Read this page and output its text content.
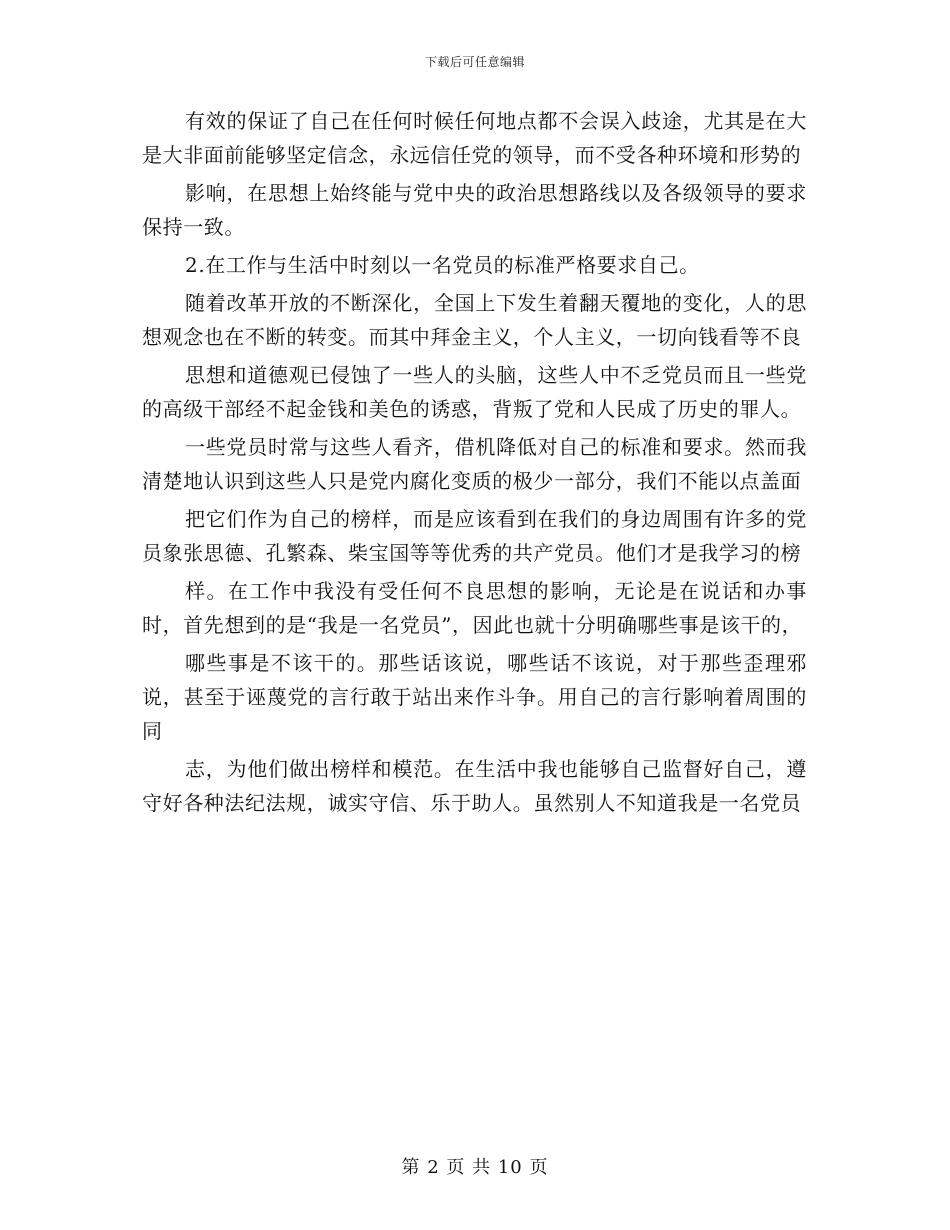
下载后可任意编辑

有效的保证了自己在任何时候任何地点都不会误入歧途，尤其是在大是大非面前能够坚定信念，永远信任党的领导，而不受各种环境和形势的

影响，在思想上始终能与党中央的政治思想路线以及各级领导的要求保持一致。

2.在工作与生活中时刻以一名党员的标准严格要求自己。

随着改革开放的不断深化，全国上下发生着翻天覆地的变化，人的思想观念也在不断的转变。而其中拜金主义，个人主义，一切向钱看等不良

思想和道德观已侵蚀了一些人的头脑，这些人中不乏党员而且一些党的高级干部经不起金钱和美色的诱惑，背叛了党和人民成了历史的罪人。

一些党员时常与这些人看齐，借机降低对自己的标准和要求。然而我清楚地认识到这些人只是党内腐化变质的极少一部分，我们不能以点盖面

把它们作为自己的榜样，而是应该看到在我们的身边周围有许多的党员象张思德、孔繁森、柴宝国等等优秀的共产党员。他们才是我学习的榜

样。在工作中我没有受任何不良思想的影响，无论是在说话和办事时，首先想到的是“我是一名党员”，因此也就十分明确哪些事是该干的，

哪些事是不该干的。那些话该说，哪些话不该说，对于那些歪理邪说，甚至于诬蔑党的言行敢于站出来作斗争。用自己的言行影响着周围的同

志，为他们做出榜样和模范。在生活中我也能够自己监督好自己，遵守好各种法纪法规，诚实守信、乐于助人。虽然别人不知道我是一名党员

第 2 页 共 10 页
